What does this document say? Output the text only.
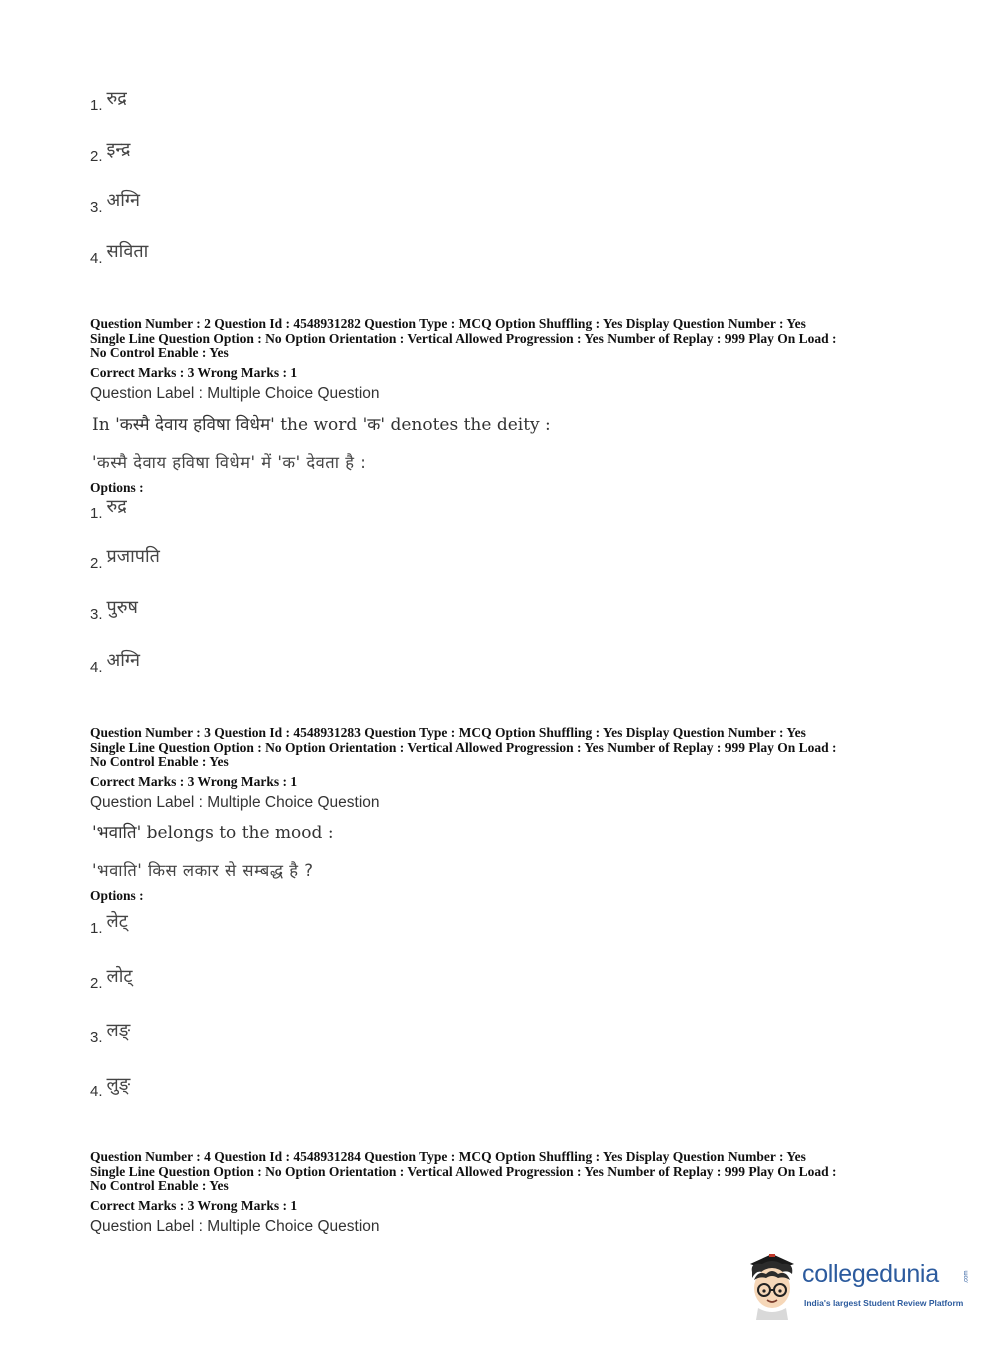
1. रुद्र
2. इन्द्र
3. अग्नि
4. सविता
Question Number : 2 Question Id : 4548931282 Question Type : MCQ Option Shuffling : Yes Display Question Number : Yes
Single Line Question Option : No Option Orientation : Vertical Allowed Progression : Yes Number of Replay : 999 Play On Load :
No Control Enable : Yes
Correct Marks : 3 Wrong Marks : 1
Question Label : Multiple Choice Question
In 'कस्मै देवाय हविषा विधेम' the word 'क' denotes the deity :
'कस्मै देवाय हविषा विधेम' में 'क' देवता है :
Options :
1. रुद्र
2. प्रजापति
3. पुरुष
4. अग्नि
Question Number : 3 Question Id : 4548931283 Question Type : MCQ Option Shuffling : Yes Display Question Number : Yes
Single Line Question Option : No Option Orientation : Vertical Allowed Progression : Yes Number of Replay : 999 Play On Load :
No Control Enable : Yes
Correct Marks : 3 Wrong Marks : 1
Question Label : Multiple Choice Question
'भवाति' belongs to the mood :
'भवाति' किस लकार से सम्बद्ध है ?
Options :
1. लेट्
2. लोट्
3. लङ्
4. लुङ्
Question Number : 4 Question Id : 4548931284 Question Type : MCQ Option Shuffling : Yes Display Question Number : Yes
Single Line Question Option : No Option Orientation : Vertical Allowed Progression : Yes Number of Replay : 999 Play On Load :
No Control Enable : Yes
Correct Marks : 3 Wrong Marks : 1
Question Label : Multiple Choice Question
collegedunia	.com
India's largest Student Review Platform
